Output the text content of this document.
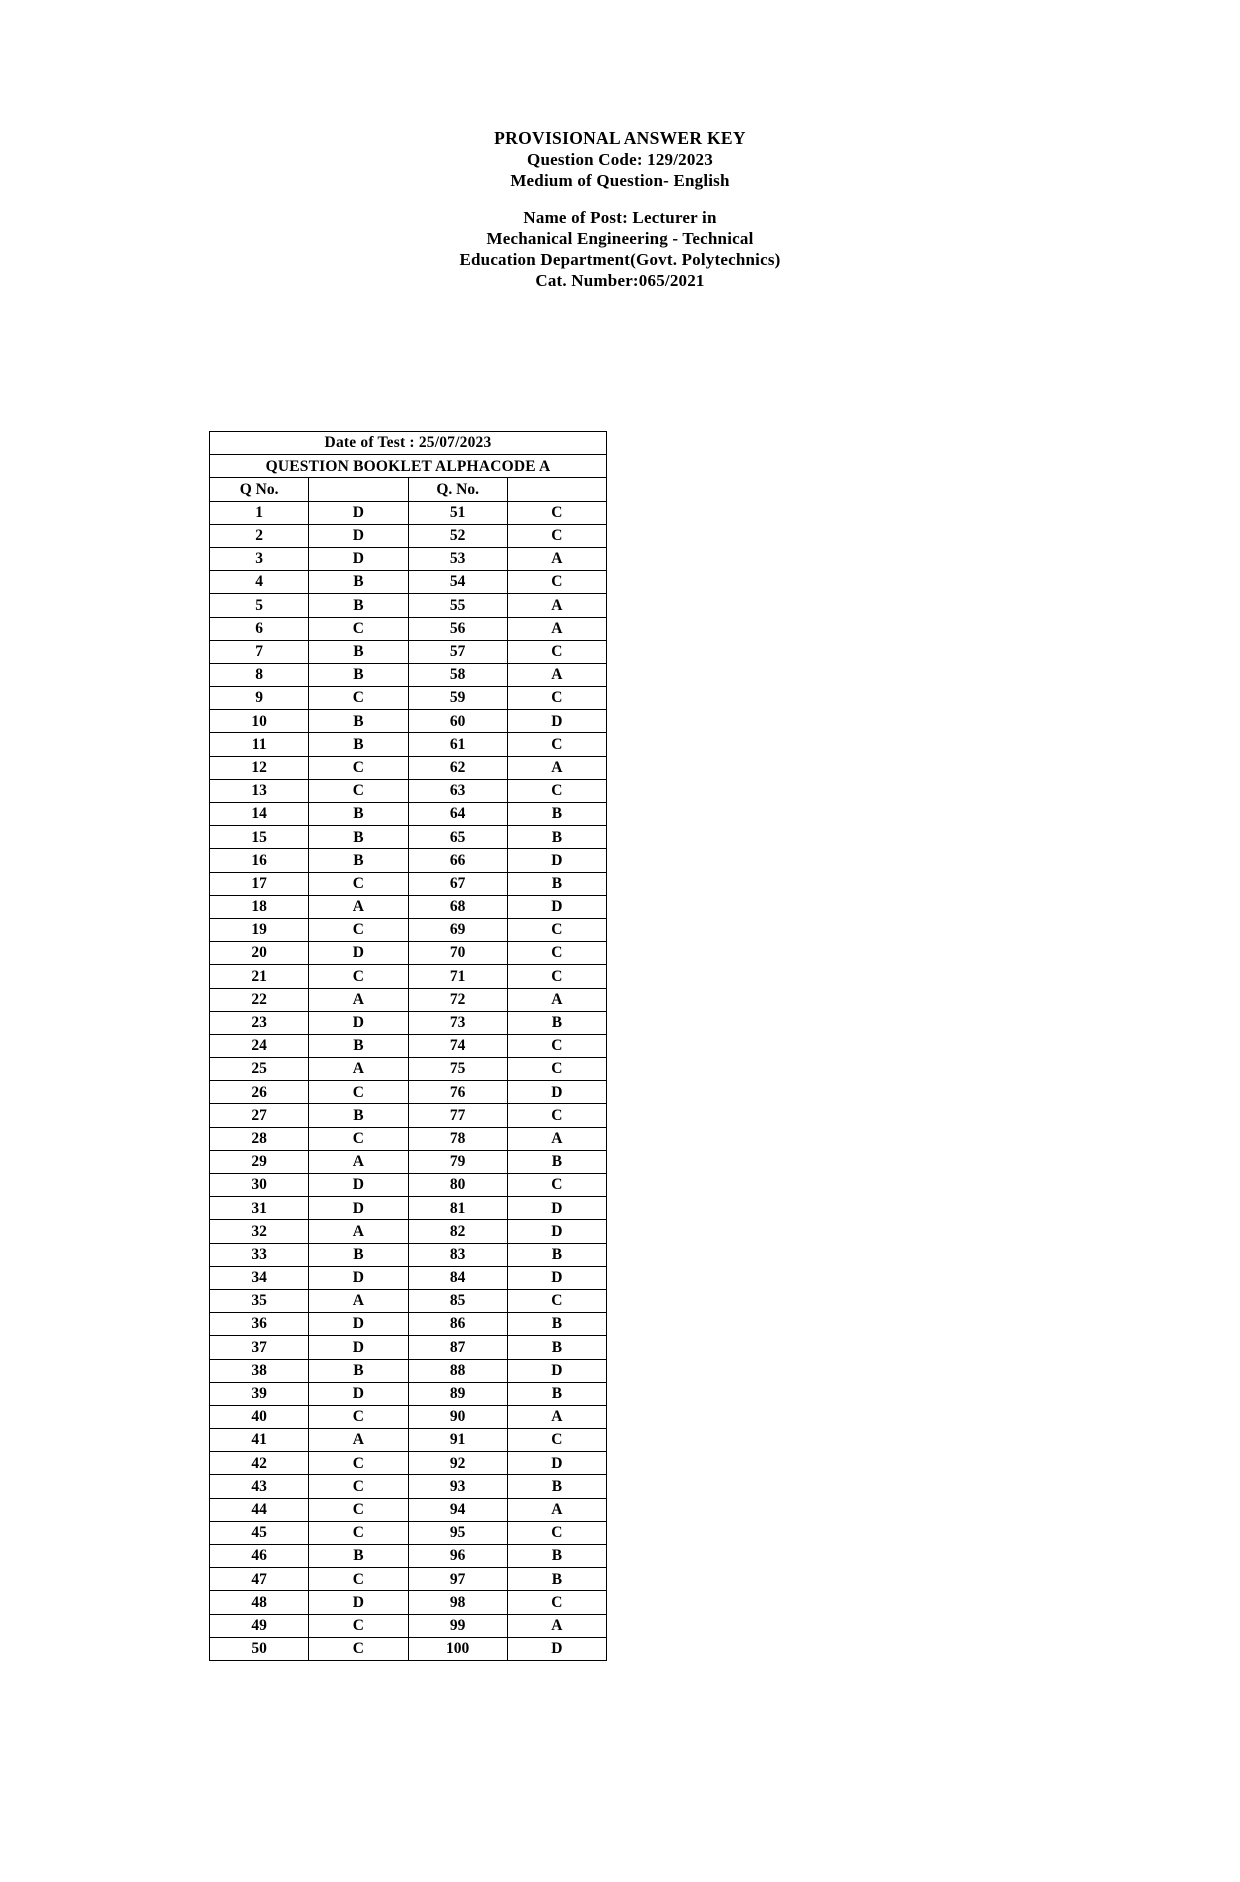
PROVISIONAL ANSWER KEY
Question Code: 129/2023
Medium of Question- English
Name of Post: Lecturer in
Mechanical Engineering - Technical
Education Department(Govt. Polytechnics)
Cat. Number:065/2021
Date of Test : 25/07/2023			
QUESTION BOOKLET ALPHACODE A			
Q No.		Q. No.	
1	D	51	C
2	D	52	C
3	D	53	A
4	B	54	C
5	B	55	A
6	C	56	A
7	B	57	C
8	B	58	A
9	C	59	C
10	B	60	D
11	B	61	C
12	C	62	A
13	C	63	C
14	B	64	B
15	B	65	B
16	B	66	D
17	C	67	B
18	A	68	D
19	C	69	C
20	D	70	C
21	C	71	C
22	A	72	A
23	D	73	B
24	B	74	C
25	A	75	C
26	C	76	D
27	B	77	C
28	C	78	A
29	A	79	B
30	D	80	C
31	D	81	D
32	A	82	D
33	B	83	B
34	D	84	D
35	A	85	C
36	D	86	B
37	D	87	B
38	B	88	D
39	D	89	B
40	C	90	A
41	A	91	C
42	C	92	D
43	C	93	B
44	C	94	A
45	C	95	C
46	B	96	B
47	C	97	B
48	D	98	C
49	C	99	A
50	C	100	D
